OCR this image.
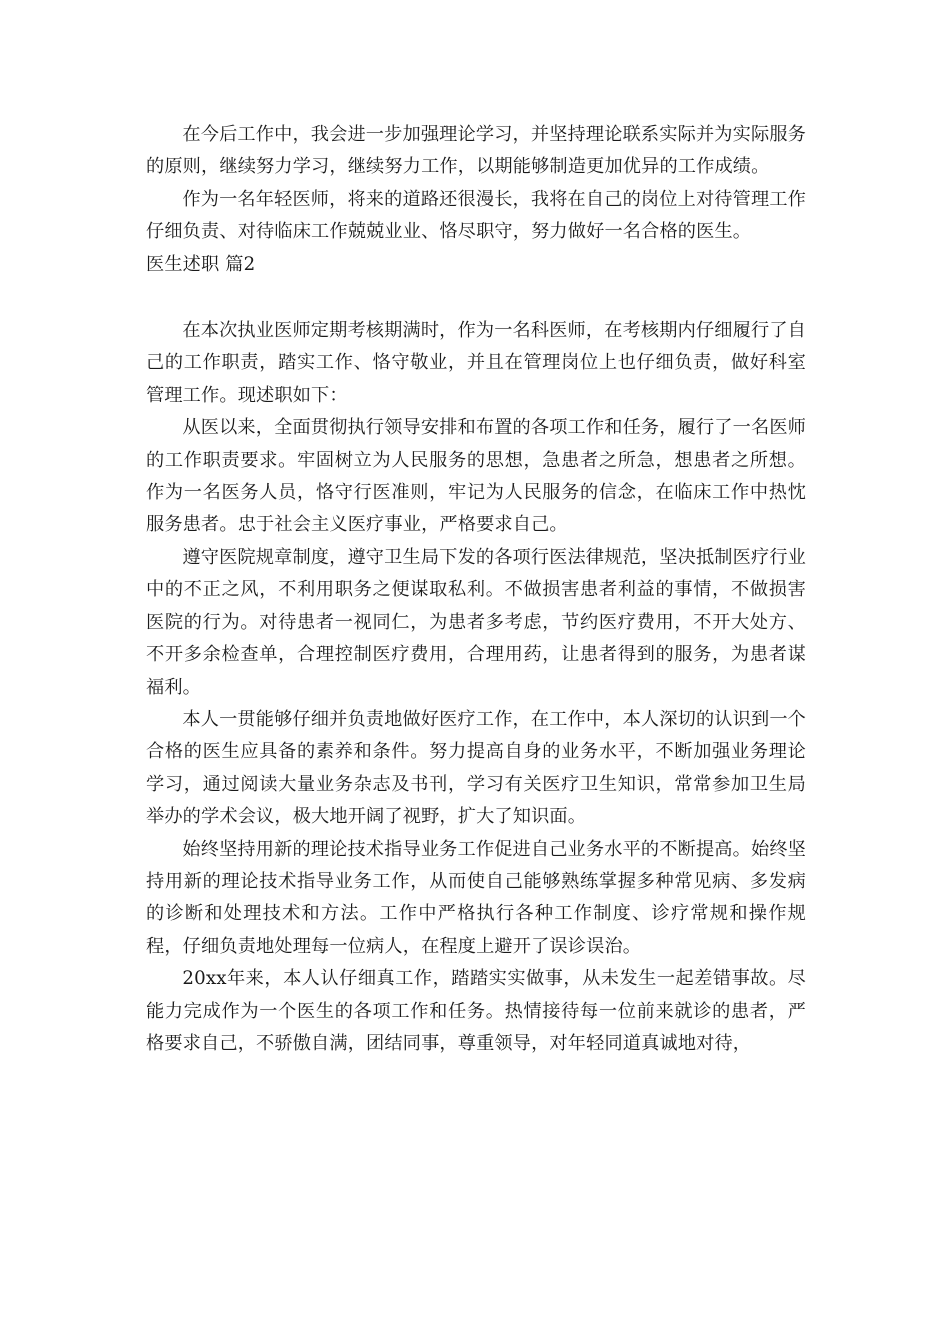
在今后工作中，我会进一步加强理论学习，并坚持理论联系实际并为实际服务的原则，继续努力学习，继续努力工作，以期能够制造更加优异的工作成绩。

作为一名年轻医师，将来的道路还很漫长，我将在自己的岗位上对待管理工作仔细负责、对待临床工作兢兢业业、恪尽职守，努力做好一名合格的医生。

医生述职 篇2

在本次执业医师定期考核期满时，作为一名科医师，在考核期内仔细履行了自己的工作职责，踏实工作、恪守敬业，并且在管理岗位上也仔细负责，做好科室管理工作。现述职如下：

从医以来，全面贯彻执行领导安排和布置的各项工作和任务，履行了一名医师的工作职责要求。牢固树立为人民服务的思想，急患者之所急，想患者之所想。作为一名医务人员，恪守行医准则，牢记为人民服务的信念，在临床工作中热忱服务患者。忠于社会主义医疗事业，严格要求自己。

遵守医院规章制度，遵守卫生局下发的各项行医法律规范，坚决抵制医疗行业中的不正之风，不利用职务之便谋取私利。不做损害患者利益的事情，不做损害医院的行为。对待患者一视同仁，为患者多考虑，节约医疗费用，不开大处方、不开多余检查单，合理控制医疗费用，合理用药，让患者得到的服务，为患者谋福利。

本人一贯能够仔细并负责地做好医疗工作，在工作中，本人深切的认识到一个合格的医生应具备的素养和条件。努力提高自身的业务水平，不断加强业务理论学习，通过阅读大量业务杂志及书刊，学习有关医疗卫生知识，常常参加卫生局举办的学术会议，极大地开阔了视野，扩大了知识面。

始终坚持用新的理论技术指导业务工作促进自己业务水平的不断提高。始终坚持用新的理论技术指导业务工作，从而使自己能够熟练掌握多种常见病、多发病的诊断和处理技术和方法。工作中严格执行各种工作制度、诊疗常规和操作规程，仔细负责地处理每一位病人，在程度上避开了误诊误治。

20xx年来，本人认仔细真工作，踏踏实实做事，从未发生一起差错事故。尽能力完成作为一个医生的各项工作和任务。热情接待每一位前来就诊的患者，严格要求自己，不骄傲自满，团结同事，尊重领导，对年轻同道真诚地对待，
